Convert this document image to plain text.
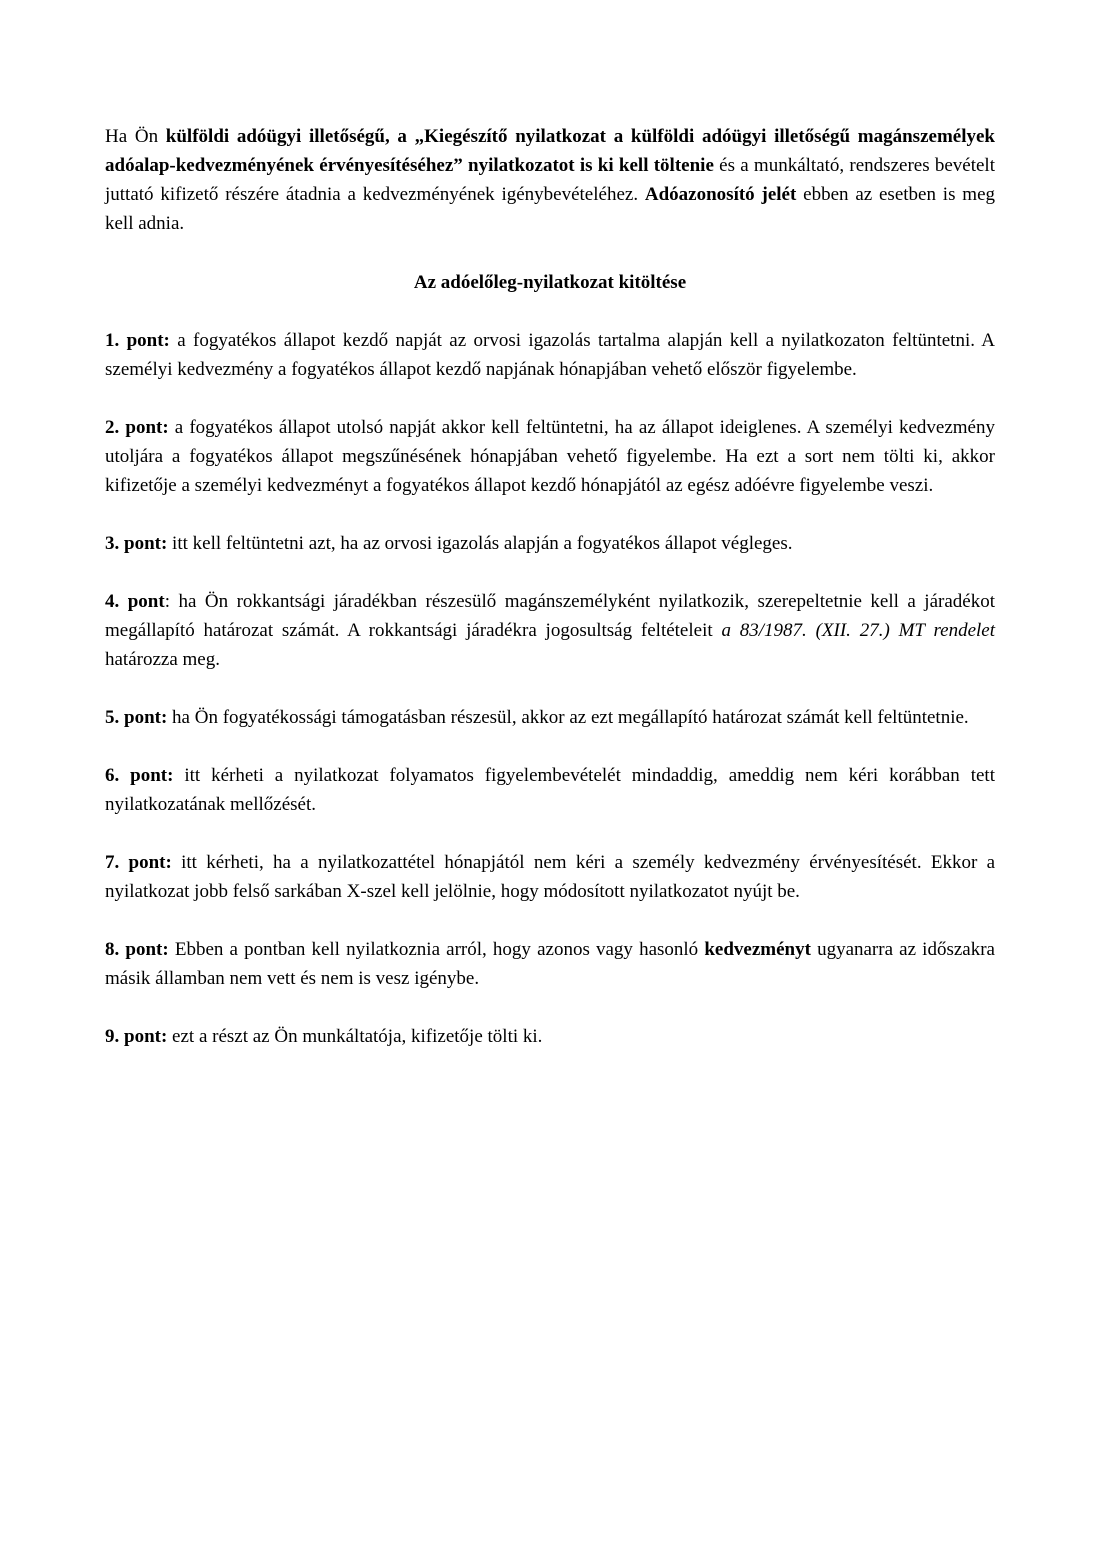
Ha Ön külföldi adóügyi illetőségű, a „Kiegészítő nyilatkozat a külföldi adóügyi illetőségű magánszemélyek adóalap-kedvezményének érvényesítéséhez” nyilatkozatot is ki kell töltenie és a munkáltató, rendszeres bevételt juttató kifizető részére átadnia a kedvezményének igénybevételéhez. Adóazonosító jelét ebben az esetben is meg kell adnia.

Az adóelőleg-nyilatkozat kitöltése

1. pont: a fogyatékos állapot kezdő napját az orvosi igazolás tartalma alapján kell a nyilatkozaton feltüntetni. A személyi kedvezmény a fogyatékos állapot kezdő napjának hónapjában vehető először figyelembe.

2. pont: a fogyatékos állapot utolsó napját akkor kell feltüntetni, ha az állapot ideiglenes. A személyi kedvezmény utoljára a fogyatékos állapot megszűnésének hónapjában vehető figyelembe. Ha ezt a sort nem tölti ki, akkor kifizetője a személyi kedvezményt a fogyatékos állapot kezdő hónapjától az egész adóévre figyelembe veszi.

3. pont: itt kell feltüntetni azt, ha az orvosi igazolás alapján a fogyatékos állapot végleges.

4. pont: ha Ön rokkantsági járadékban részesülő magánszemélyként nyilatkozik, szerepeltetnie kell a járadékot megállapító határozat számát. A rokkantsági járadékra jogosultság feltételeit a 83/1987. (XII. 27.) MT rendelet határozza meg.

5. pont: ha Ön fogyatékossági támogatásban részesül, akkor az ezt megállapító határozat számát kell feltüntetnie.

6. pont: itt kérheti a nyilatkozat folyamatos figyelembevételét mindaddig, ameddig nem kéri korábban tett nyilatkozatának mellőzését.

7. pont: itt kérheti, ha a nyilatkozattétel hónapjától nem kéri a személy kedvezmény érvényesítését. Ekkor a nyilatkozat jobb felső sarkában X-szel kell jelölnie, hogy módosított nyilatkozatot nyújt be.

8. pont: Ebben a pontban kell nyilatkoznia arról, hogy azonos vagy hasonló kedvezményt ugyanarra az időszakra másik államban nem vett és nem is vesz igénybe.

9. pont: ezt a részt az Ön munkáltatója, kifizetője tölti ki.
